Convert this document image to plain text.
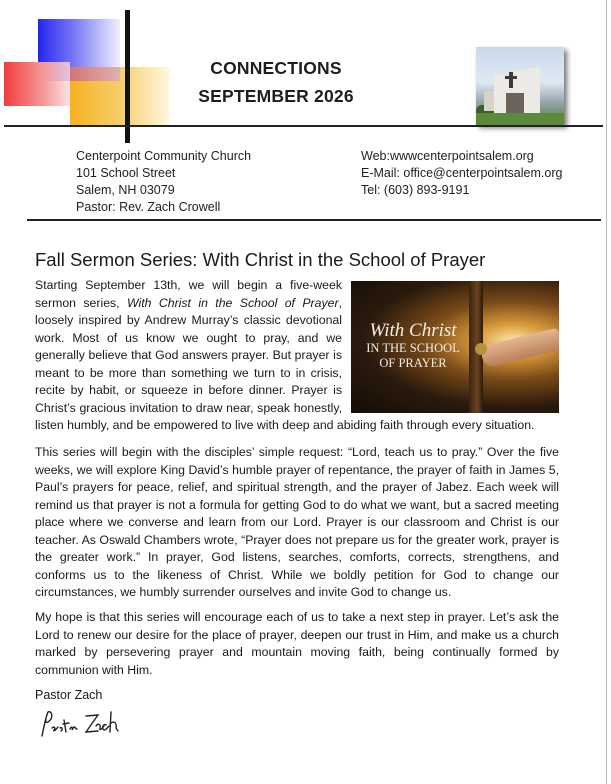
CONNECTIONS
SEPTEMBER 2026
Centerpoint Community Church
101 School Street
Salem, NH 03079
Pastor: Rev. Zach Crowell
Web:wwwcenterpointsalem.org
E-Mail: office@centerpointsalem.org
Tel: (603) 893-9191
Fall Sermon Series: With Christ in the School of Prayer
With Christ
IN THE SCHOOL
OF PRAYER

Starting September 13th, we will begin a five-week sermon series, With Christ in the School of Prayer, loosely inspired by Andrew Murray’s classic devotional work. Most of us know we ought to pray, and we generally believe that God answers prayer. But prayer is meant to be more than something we turn to in crisis, recite by habit, or squeeze in before dinner. Prayer is Christ’s gracious invitation to draw near, speak honestly, listen humbly, and be empowered to live with deep and abiding faith through every situation.

This series will begin with the disciples’ simple request: “Lord, teach us to pray.” Over the five weeks, we will explore King David’s humble prayer of repentance, the prayer of faith in James 5, Paul’s prayers for peace, relief, and spiritual strength, and the prayer of Jabez. Each week will remind us that prayer is not a formula for getting God to do what we want, but a sacred meeting place where we converse and learn from our Lord. Prayer is our classroom and Christ is our teacher. As Oswald Chambers wrote, “Prayer does not prepare us for the greater work, prayer is the greater work.” In prayer, God listens, searches, comforts, corrects, strengthens, and conforms us to the likeness of Christ. While we boldly petition for God to change our circumstances, we humbly surrender ourselves and invite God to change us.

My hope is that this series will encourage each of us to take a next step in prayer. Let’s ask the Lord to renew our desire for the place of prayer, deepen our trust in Him, and make us a church marked by persevering prayer and mountain moving faith, being continually formed by communion with Him.

Pastor Zach
